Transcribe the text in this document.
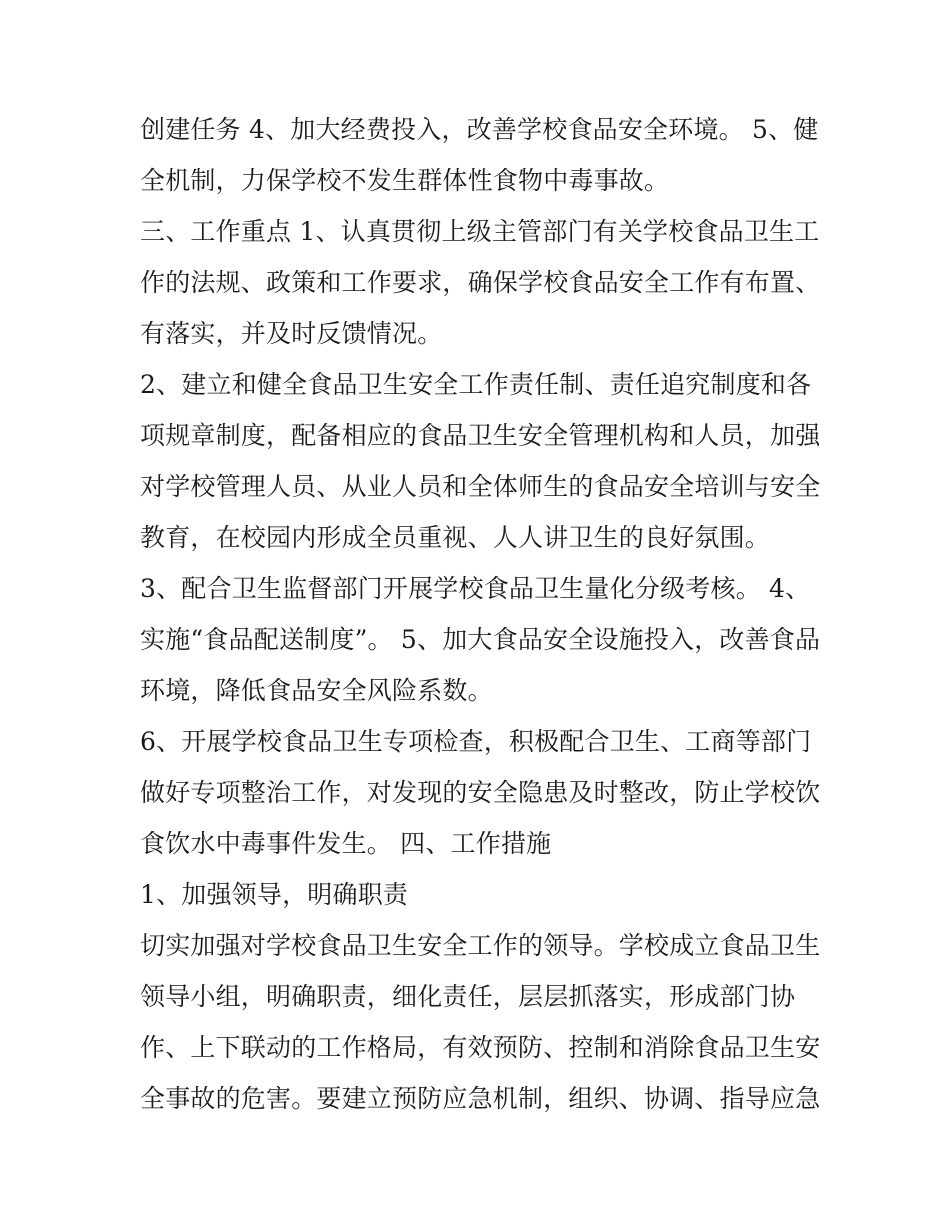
创建任务 4、加大经费投入，改善学校食品安全环境。 5、健
全机制，力保学校不发生群体性食物中毒事故。
三、工作重点 1、认真贯彻上级主管部门有关学校食品卫生工
作的法规、政策和工作要求，确保学校食品安全工作有布置、
有落实，并及时反馈情况。
2、建立和健全食品卫生安全工作责任制、责任追究制度和各
项规章制度，配备相应的食品卫生安全管理机构和人员，加强
对学校管理人员、从业人员和全体师生的食品安全培训与安全
教育，在校园内形成全员重视、人人讲卫生的良好氛围。
3、配合卫生监督部门开展学校食品卫生量化分级考核。 4、
实施“食品配送制度”。 5、加大食品安全设施投入，改善食品
环境，降低食品安全风险系数。
6、开展学校食品卫生专项检查，积极配合卫生、工商等部门
做好专项整治工作，对发现的安全隐患及时整改，防止学校饮
食饮水中毒事件发生。 四、工作措施
1、加强领导，明确职责
切实加强对学校食品卫生安全工作的领导。学校成立食品卫生
领导小组，明确职责，细化责任，层层抓落实，形成部门协
作、上下联动的工作格局，有效预防、控制和消除食品卫生安
全事故的危害。要建立预防应急机制，组织、协调、指导应急
